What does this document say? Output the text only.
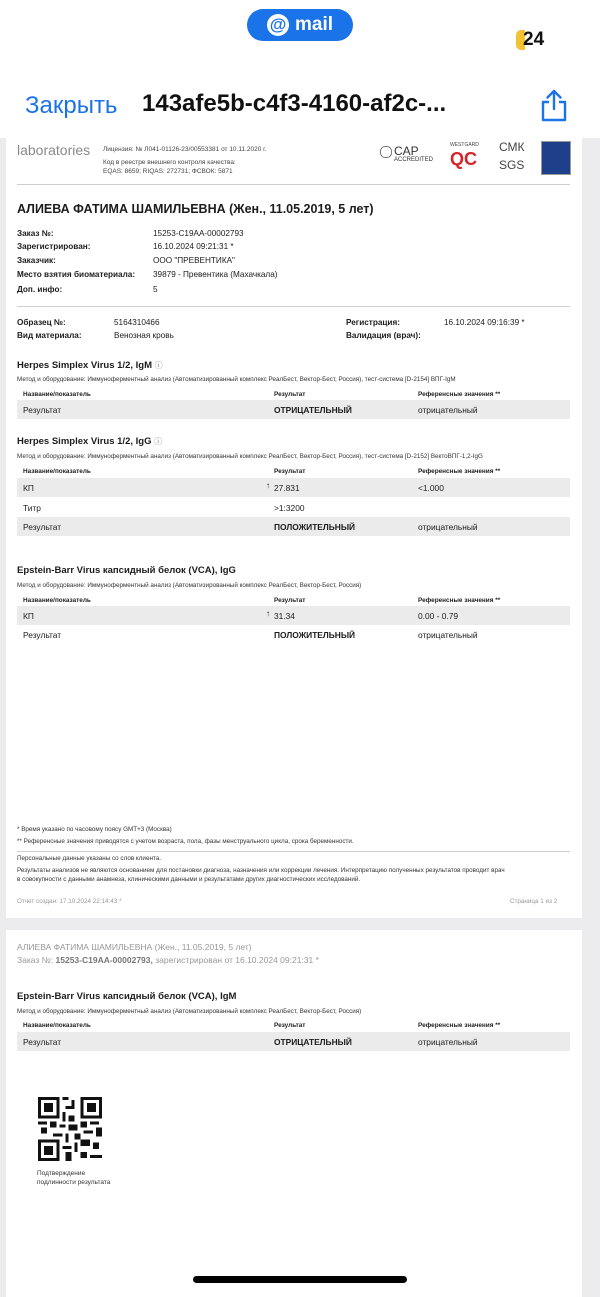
@ mail
24
Закрыть 143afe5b-c4f3-4160-af2c-...
laboratories Лицензия: № Л041-01126-23/00553381 от 10.11.2020 г.
Код в реестре внешнего контроля качества:
EQAS: 8659; RIQAS: 272731; ФСВОК: 5871
CAP
ACCREDITED
WESTGARD
QC
СМК
SGS
АЛИЕВА ФАТИМА ШАМИЛЬЕВНА (Жен., 11.05.2019, 5 лет)
Заказ №:	15253-C19AA-00002793
Зарегистрирован:	16.10.2024 09:21:31 *
Заказчик:	ООО "ПРЕВЕНТИКА"
Место взятия биоматериала: 39879 - Превентика (Махачкала)
Доп. инфо:	5
Образец №:	5164310466
Вид материала:	Венозная кровь
Регистрация:	16.10.2024 09:16:39 *
Валидация (врач):
Herpes Simplex Virus 1/2, IgM ⓘ
Метод и оборудование: Иммуноферментный анализ (Автоматизированный комплекс РеалБест, Вектор-Бест, Россия), тест-система [D-2154] ВПГ-IgM
Название/показатель	Результат	Референсные значения **
Результат	ОТРИЦАТЕЛЬНЫЙ	отрицательный
Herpes Simplex Virus 1/2, IgG ⓘ
Метод и оборудование: Иммуноферментный анализ (Автоматизированный комплекс РеалБест, Вектор-Бест, Россия), тест-система [D-2152] ВектоВПГ-1,2-IgG
Название/показатель	Результат	Референсные значения **
КП	↑ 27.831	<1.000
Титр	>1:3200
Результат	ПОЛОЖИТЕЛЬНЫЙ	отрицательный
Epstein-Barr Virus капсидный белок (VCA), IgG
Метод и оборудование: Иммуноферментный анализ (Автоматизированный комплекс РеалБест, Вектор-Бест, Россия)
Название/показатель	Результат	Референсные значения **
КП	↑ 31.34	0.00 - 0.79
Результат	ПОЛОЖИТЕЛЬНЫЙ	отрицательный
* Время указано по часовому поясу GMT+3 (Москва)
** Референсные значения приводятся с учетом возраста, пола, фазы менструального цикла, срока беременности.
Персональные данные указаны со слов клиента.
Результаты анализов не являются основанием для постановки диагноза, назначения или коррекции лечения. Интерпретацию полученных результатов проводит врач
в совокупности с данными анамнеза, клиническими данными и результатами других диагностических исследований.
Отчет создан: 17.10.2024 22:14:43 *	Страница 1 из 2
АЛИЕВА ФАТИМА ШАМИЛЬЕВНА (Жен., 11.05.2019, 5 лет)
Заказ №: 15253-C19AA-00002793, зарегистрирован от 16.10.2024 09:21:31 *
Epstein-Barr Virus капсидный белок (VCA), IgM
Метод и оборудование: Иммуноферментный анализ (Автоматизированный комплекс РеалБест, Вектор-Бест, Россия)
Название/показатель	Результат	Референсные значения **
Результат	ОТРИЦАТЕЛЬНЫЙ	отрицательный
Подтверждение
подлинности результата
